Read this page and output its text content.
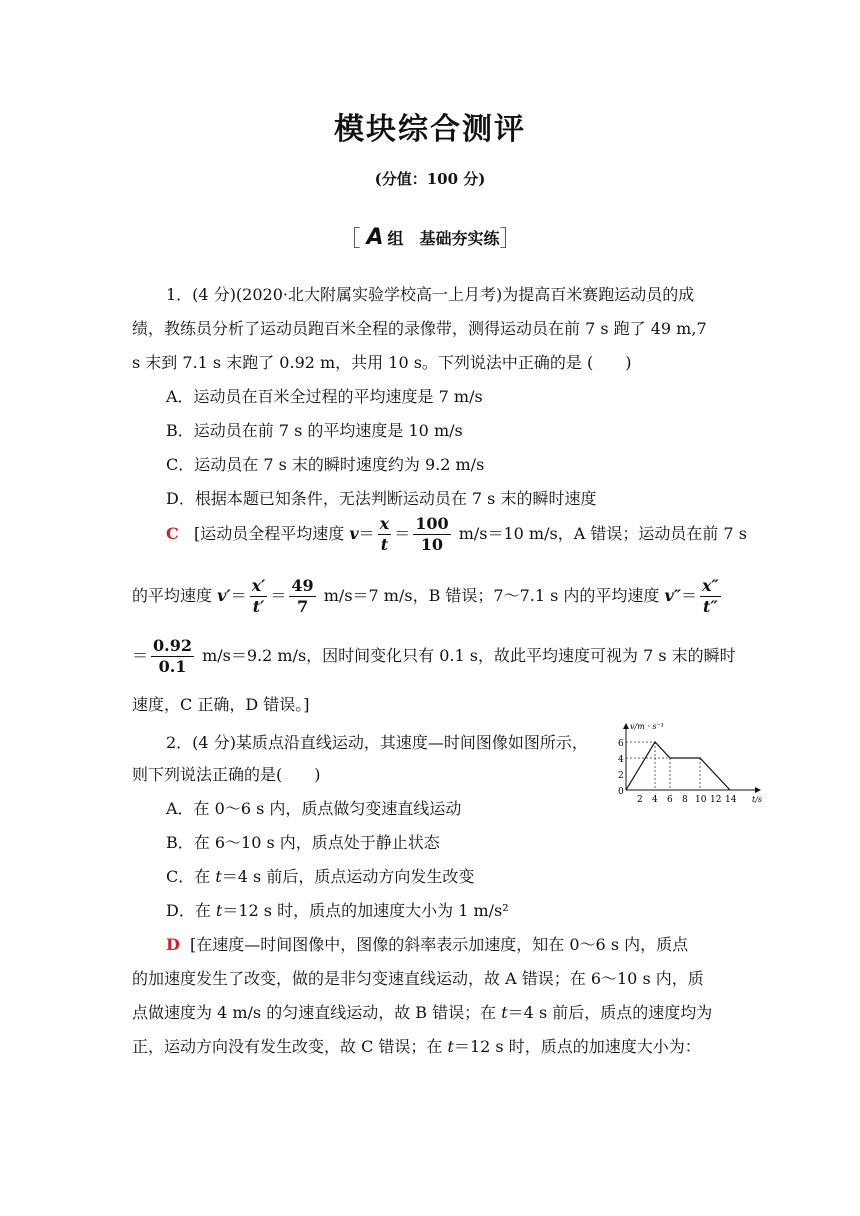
模块综合测评
(分值：100 分)
［ A 组　基础夯实练］
1．(4 分)(2020·北大附属实验学校高一上月考)为提高百米赛跑运动员的成
绩，教练员分析了运动员跑百米全程的录像带，测得运动员在前 7 s 跑了 49 m,7
s 末到 7.1 s 末跑了 0.92 m，共用 10 s。下列说法中正确的是 (　　)
A．运动员在百米全过程的平均速度是 7 m/s
B．运动员在前 7 s 的平均速度是 10 m/s
C．运动员在 7 s 末的瞬时速度约为 9.2 m/s
D．根据本题已知条件，无法判断运动员在 7 s 末的瞬时速度
C [运动员全程平均速度 $v= \frac{x}{t} = \frac{100}{10} m/s=10$ m/s，A 错误；运动员在前 7 s
的平均速度 $v'= \frac{x'}{t'} = \frac{49}{7} m/s=7$ m/s，B 错误；7～7.1 s 内的平均速度 $v''= \frac{x''}{t''}$
＝ $\frac{0.92}{0.1} m/s=9.2$ m/s，因时间变化只有 0.1 s，故此平均速度可视为 7 s 末的瞬时
速度，C 正确，D 错误。]
2．(4 分)某质点沿直线运动，其速度—时间图像如图所示，
则下列说法正确的是(　　)
A．在 0～6 s 内，质点做匀变速直线运动
B．在 6～10 s 内，质点处于静止状态
C．在 t＝4 s 前后，质点运动方向发生改变
D．在 t＝12 s 时，质点的加速度大小为 1 m/s²
D [在速度—时间图像中，图像的斜率表示加速度，知在 0～6 s 内，质点
的加速度发生了改变，做的是非匀变速直线运动，故 A 错误；在 6～10 s 内，质
点做速度为 4 m/s 的匀速直线运动，故 B 错误；在 t＝4 s 前后，质点的速度均为
正，运动方向没有发生改变，故 C 错误；在 t＝12 s 时，质点的加速度大小为：
v/m · s⁻¹
t/s
0
2
4
6
2 4 6 8 10 12 14
